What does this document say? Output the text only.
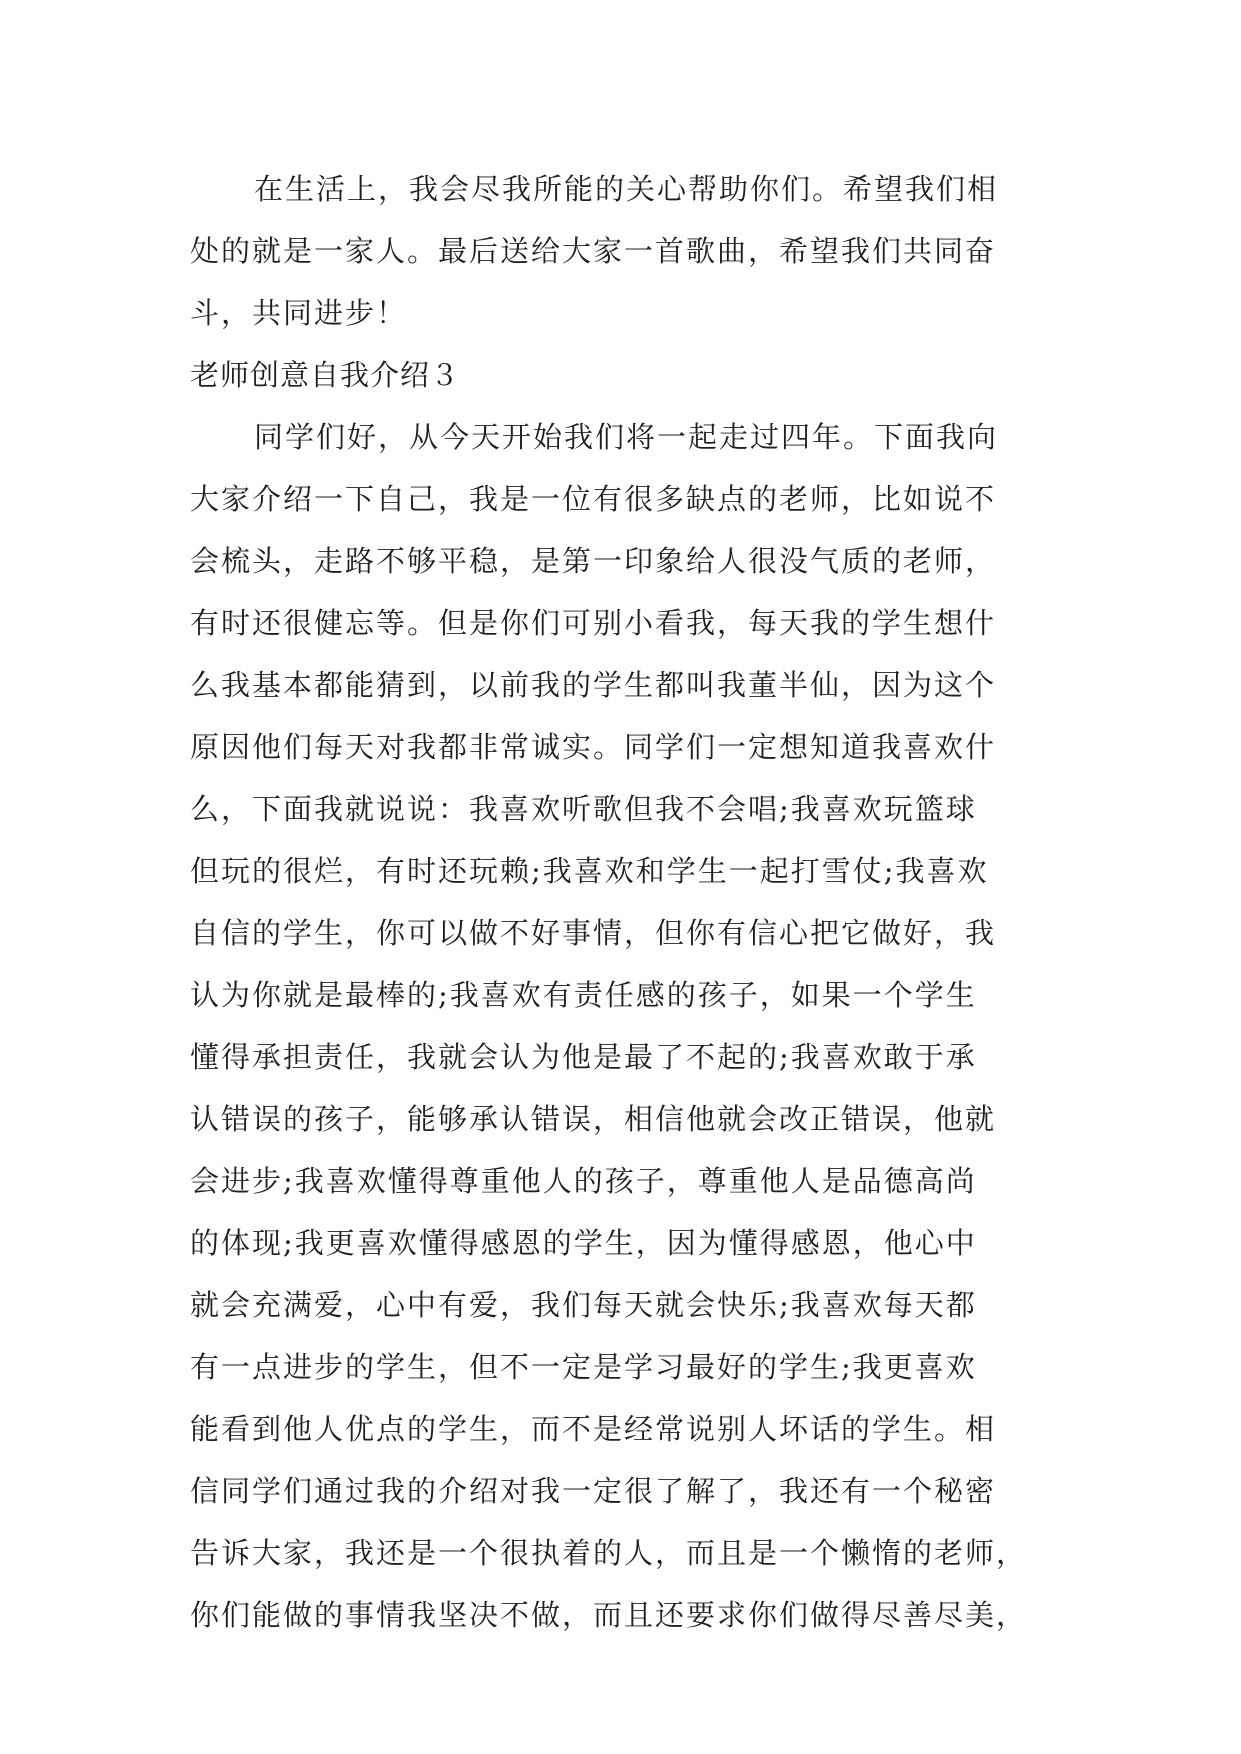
在生活上，我会尽我所能的关心帮助你们。希望我们相
处的就是一家人。最后送给大家一首歌曲，希望我们共同奋
斗，共同进步！
老师创意自我介绍３
同学们好，从今天开始我们将一起走过四年。下面我向
大家介绍一下自己，我是一位有很多缺点的老师，比如说不
会梳头，走路不够平稳，是第一印象给人很没气质的老师，
有时还很健忘等。但是你们可别小看我，每天我的学生想什
么我基本都能猜到，以前我的学生都叫我董半仙，因为这个
原因他们每天对我都非常诚实。同学们一定想知道我喜欢什
么，下面我就说说：我喜欢听歌但我不会唱;我喜欢玩篮球
但玩的很烂，有时还玩赖;我喜欢和学生一起打雪仗;我喜欢
自信的学生，你可以做不好事情，但你有信心把它做好，我
认为你就是最棒的;我喜欢有责任感的孩子，如果一个学生
懂得承担责任，我就会认为他是最了不起的;我喜欢敢于承
认错误的孩子，能够承认错误，相信他就会改正错误，他就
会进步;我喜欢懂得尊重他人的孩子，尊重他人是品德高尚
的体现;我更喜欢懂得感恩的学生，因为懂得感恩，他心中
就会充满爱，心中有爱，我们每天就会快乐;我喜欢每天都
有一点进步的学生，但不一定是学习最好的学生;我更喜欢
能看到他人优点的学生，而不是经常说别人坏话的学生。相
信同学们通过我的介绍对我一定很了解了，我还有一个秘密
告诉大家，我还是一个很执着的人，而且是一个懒惰的老师，
你们能做的事情我坚决不做，而且还要求你们做得尽善尽美，
